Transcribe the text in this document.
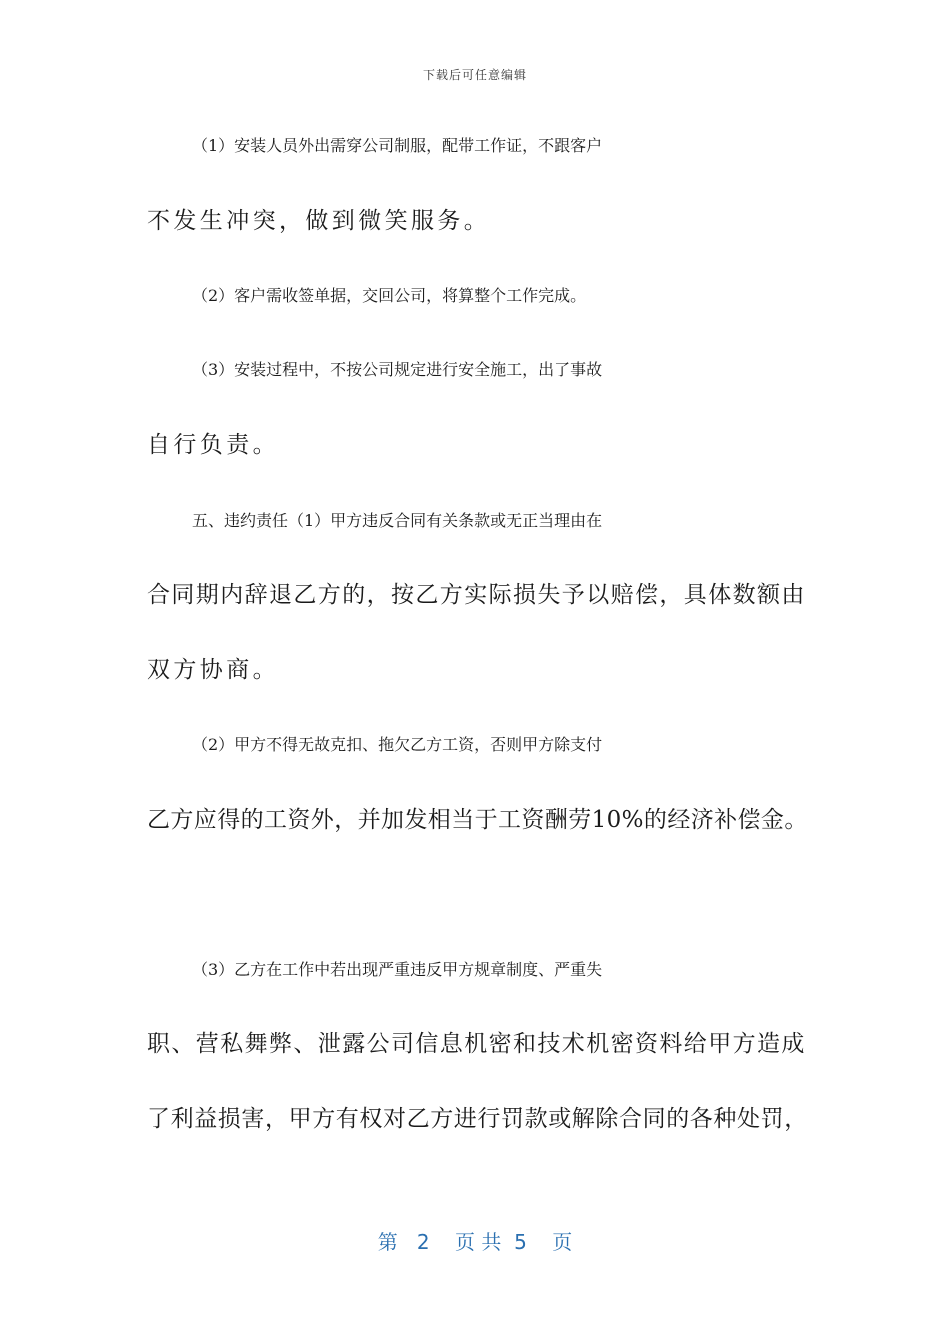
下载后可任意编辑
（1）安装人员外出需穿公司制服，配带工作证，不跟客户
不发生冲突，做到微笑服务。
（2）客户需收签单据，交回公司，将算整个工作完成。
（3）安装过程中，不按公司规定进行安全施工，出了事故
自行负责。
五、违约责任（1）甲方违反合同有关条款或无正当理由在
合同期内辞退乙方的，按乙方实际损失予以赔偿，具体数额由
双方协商。
（2）甲方不得无故克扣、拖欠乙方工资，否则甲方除支付
乙方应得的工资外，并加发相当于工资酬劳10%的经济补偿金。
（3）乙方在工作中若出现严重违反甲方规章制度、严重失
职、营私舞弊、泄露公司信息机密和技术机密资料给甲方造成
了利益损害，甲方有权对乙方进行罚款或解除合同的各种处罚，
第   2    页 共  5    页
